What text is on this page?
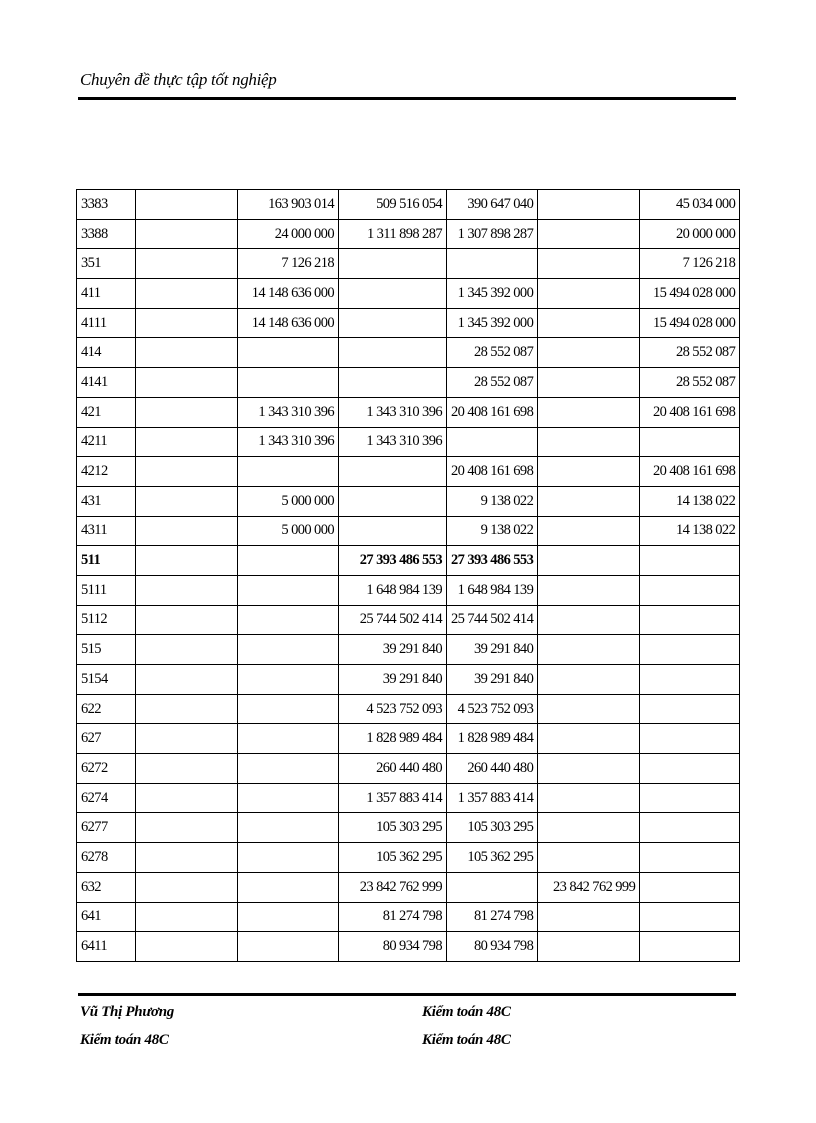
Chuyên đề thực tập tốt nghiệp
3383		163 903 014	509 516 054	390 647 040		45 034 000
3388		24 000 000	1 311 898 287	1 307 898 287		20 000 000
351		7 126 218				7 126 218
411		14 148 636 000		1 345 392 000		15 494 028 000
4111		14 148 636 000		1 345 392 000		15 494 028 000
414				28 552 087		28 552 087
4141				28 552 087		28 552 087
421		1 343 310 396	1 343 310 396	20 408 161 698		20 408 161 698
4211		1 343 310 396	1 343 310 396			
4212				20 408 161 698		20 408 161 698
431		5 000 000		9 138 022		14 138 022
4311		5 000 000		9 138 022		14 138 022
511			27 393 486 553	27 393 486 553		
5111			1 648 984 139	1 648 984 139		
5112			25 744 502 414	25 744 502 414		
515			39 291 840	39 291 840		
5154			39 291 840	39 291 840		
622			4 523 752 093	4 523 752 093		
627			1 828 989 484	1 828 989 484		
6272			260 440 480	260 440 480		
6274			1 357 883 414	1 357 883 414		
6277			105 303 295	105 303 295		
6278			105 362 295	105 362 295		
632			23 842 762 999		23 842 762 999	
641			81 274 798	81 274 798		
6411			80 934 798	80 934 798		
Vũ Thị Phương
Kiểm toán 48C
Kiểm toán 48C
Kiểm toán 48C
